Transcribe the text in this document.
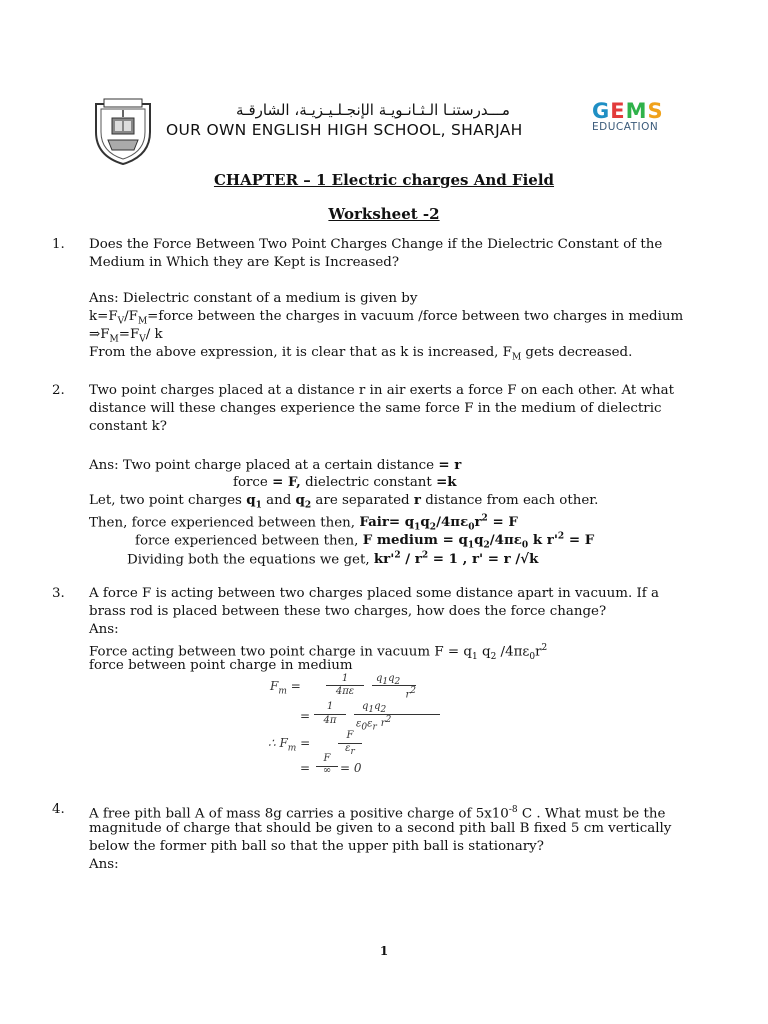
مـــدرستنـا الـثـانـويـة الإنجـلـيـزيـة، الشارقـة
OUR OWN ENGLISH HIGH SCHOOL, SHARJAH
GEMS
EDUCATION
CHAPTER – 1 Electric charges And Field
Worksheet -2
1. Does the Force Between Two Point Charges Change if the Dielectric Constant of the
Medium in Which they are Kept is Increased?
Ans: Dielectric constant of a medium is given by
$k=F_V/F_M=force$ between the charges in vacuum /force between two charges in medium
$\Rightarrow F_M=F_V/$ k
From the above expression, it is clear that as k is increased, $F_M$ gets decreased.
2. Two point charges placed at a distance r in air exerts a force F on each other. At what
distance will these changes experience the same force F in the medium of dielectric
constant k?
Ans: Two point charge placed at a certain distance = r
force = F, dielectric constant =k
Let, two point charges $q_1$ and $q_2$ are separated r distance from each other.
Then, force experienced between then, Fair= $q_1q_2/4\pi\varepsilon_0r^2 = F$
force experienced between then, F medium = $q_1q_2/4\pi\varepsilon_0$ k $r'^2 = F$
Dividing both the equations we get, $kr'^2 / r^2 = 1$ , r' = r /√k
3. A force F is acting between two charges placed some distance apart in vacuum. If a
brass rod is placed between these two charges, how does the force change?
Ans:
Force acting between two point charge in vacuum $F = q_1$ $q_2$ $/4\pi\varepsilon_0r^2$
force between point charge in medium
$F_m$ =
1
4πε
$q_1q_2$
$r^2$
=
1
4π
$q_1q_2$
$\varepsilon_0\varepsilon_r$ $r^2$
∴ $F_m$ =
F
$\varepsilon_r$
=
F
∞ = 0
4. A free pith ball A of mass 8g carries a positive charge of $5x10^{-8}$ C . What must be the
magnitude of charge that should be given to a second pith ball B fixed 5 cm vertically
below the former pith ball so that the upper pith ball is stationary?
Ans:
1
